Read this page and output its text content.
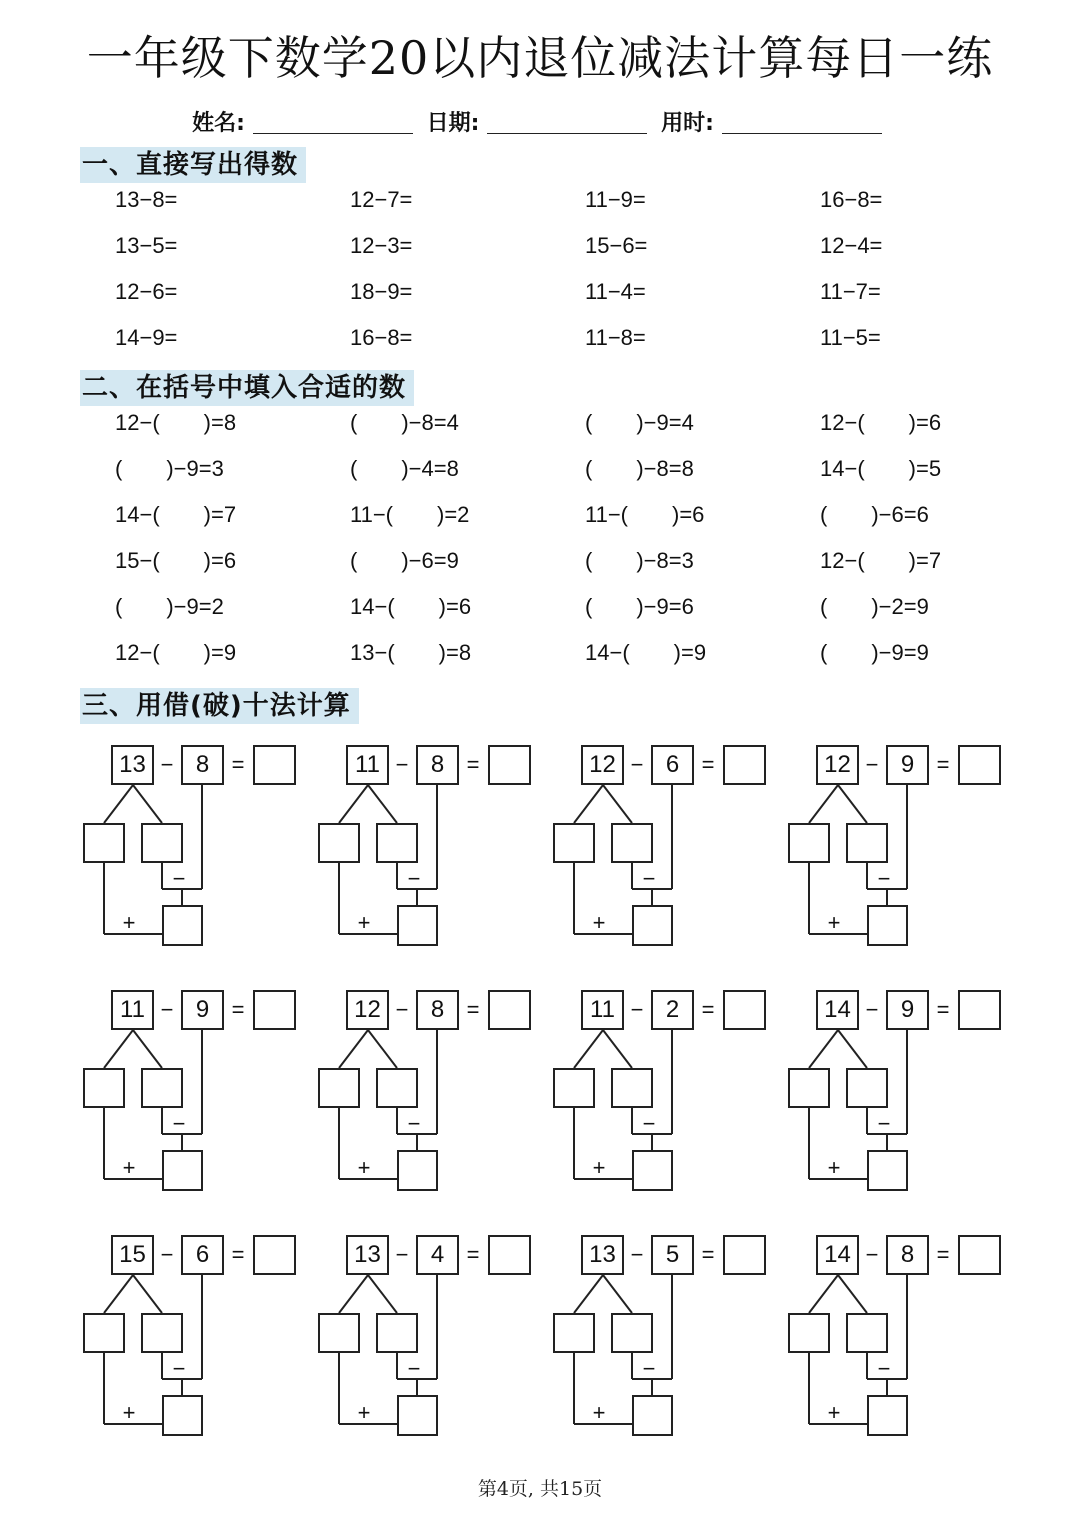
一年级下数学20以内退位减法计算每日一练
姓名:	日期:	用时:
一、直接写出得数
13−8=	12−7=	11−9=	16−8=
13−5=	12−3=	15−6=	12−4=
12−6=	18−9=	11−4=	11−7=
14−9=	16−8=	11−8=	11−5=
二、在括号中填入合适的数
12−(　　)=8	(　　)−8=4	(　　)−9=4	12−(　　)=6
(　　)−9=3	(　　)−4=8	(　　)−8=8	14−(　　)=5
14−(　　)=7	11−(　　)=2	11−(　　)=6	(　　)−6=6
15−(　　)=6	(　　)−6=9	(　　)−8=3	12−(　　)=7
(　　)−9=2	14−(　　)=6	(　　)−9=6	(　　)−2=9
12−(　　)=9	13−(　　)=8	14−(　　)=9	(　　)−9=9
三、用借(破)十法计算
13 − 8	=
−
+
11 − 8	=
−
+
12 − 6	=
−
+
12 − 9	=
−
+
11 − 9	=
−
+
12 − 8	=
−
+
11 − 2	=
−
+
14 − 9	=
−
+
15 − 6	=
−
+
13 − 4	=
−
+
13 − 5	=
−
+
14 − 8	=
−
+
第4页, 共15页
